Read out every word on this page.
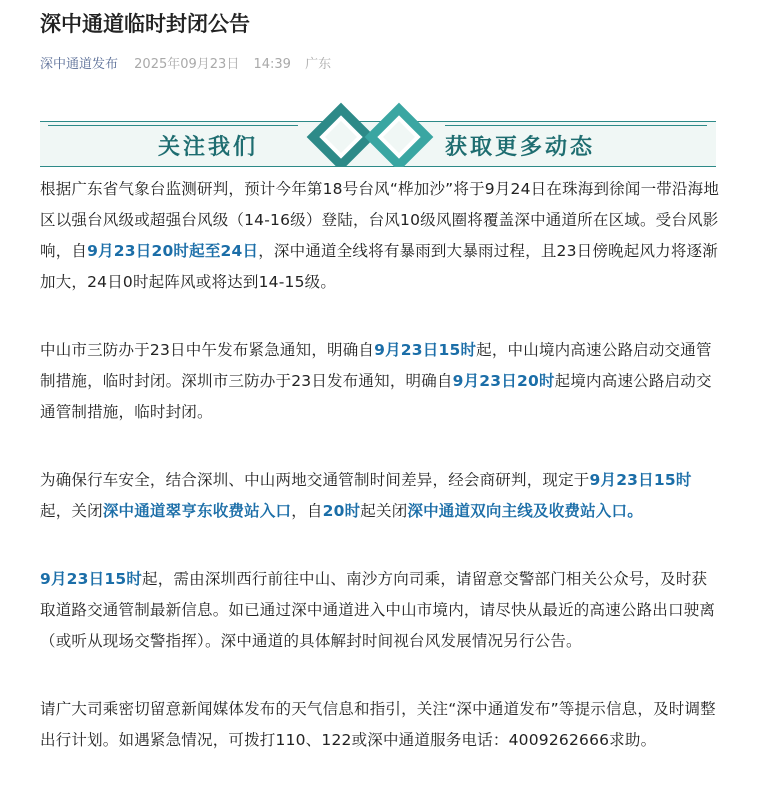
深中通道临时封闭公告
深中通道发布 2025年09月23日 14:39 广东
关注我们	获取更多动态

根据广东省气象台监测研判，预计今年第18号台风“桦加沙”将于9月24日在珠海到徐闻一带沿海地区以强台风级或超强台风级（14-16级）登陆，台风10级风圈将覆盖深中通道所在区域。受台风影响，自9月23日20时起至24日，深中通道全线将有暴雨到大暴雨过程，且23日傍晚起风力将逐渐加大，24日0时起阵风或将达到14-15级。

中山市三防办于23日中午发布紧急通知，明确自9月23日15时起，中山境内高速公路启动交通管制措施，临时封闭。深圳市三防办于23日发布通知，明确自9月23日20时起境内高速公路启动交通管制措施，临时封闭。

为确保行车安全，结合深圳、中山两地交通管制时间差异，经会商研判，现定于9月23日15时起，关闭深中通道翠亨东收费站入口，自20时起关闭深中通道双向主线及收费站入口。

9月23日15时起，需由深圳西行前往中山、南沙方向司乘，请留意交警部门相关公众号，及时获取道路交通管制最新信息。如已通过深中通道进入中山市境内，请尽快从最近的高速公路出口驶离（或听从现场交警指挥）。深中通道的具体解封时间视台风发展情况另行公告。

请广大司乘密切留意新闻媒体发布的天气信息和指引，关注“深中通道发布”等提示信息，及时调整出行计划。如遇紧急情况，可拨打110、122或深中通道服务电话：4009262666求助。
